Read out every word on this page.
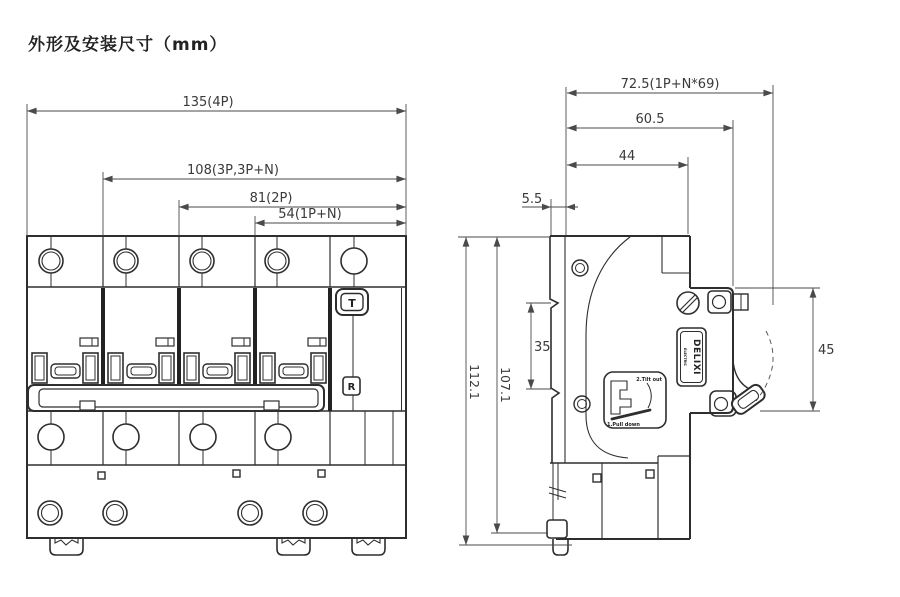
外形及安装尺寸（mm）
T
R
135(4P)
108(3P,3P+N)
81(2P)
54(1P+N)
2.Tilt out
1.Pull down
DELIXI
ELECTRIC
72.5(1P+N*69)
60.5
44
5.5
112.1 107.1
35	45
